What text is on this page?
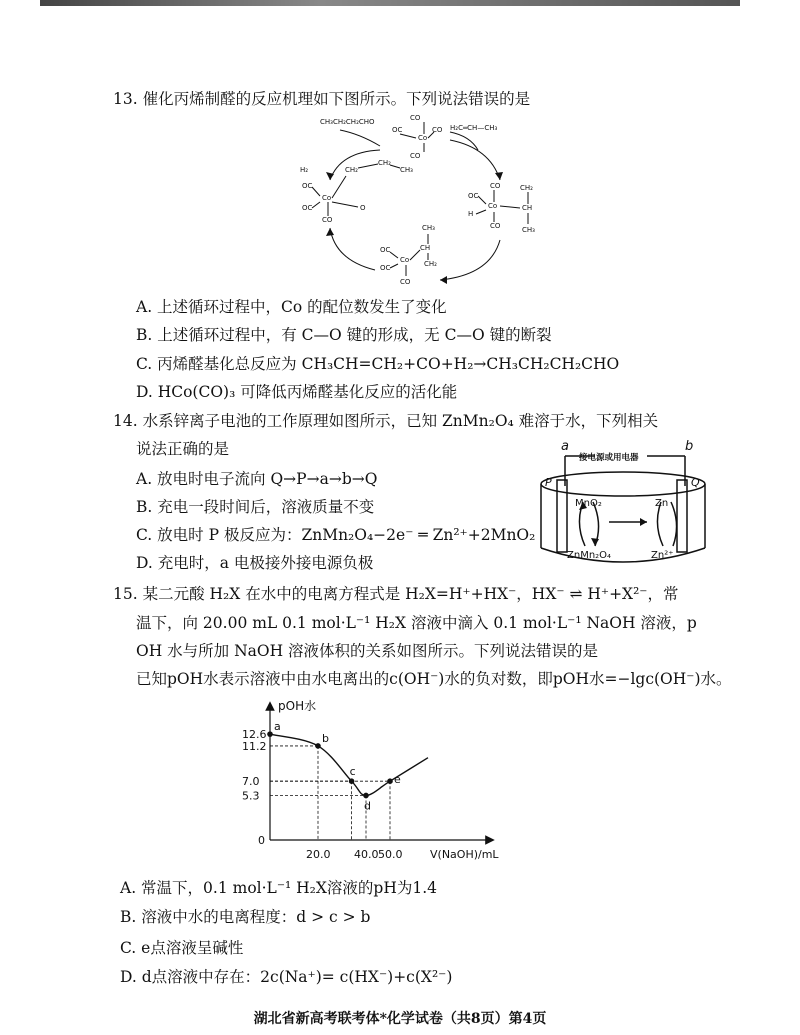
13. 催化丙烯制醛的反应机理如下图所示。下列说法错误的是
CH₃CH₂CH₂CHO
H₂C═CH—CH₃
OC
CO
Co
CO
CO
H₂	CH₂
CH₂
CH₃
OC
OC
Co
CO
O
OC
CO
H
Co
CO
CH₂
CH
CH₃
OC
OC
Co
CO
CH₃
CH
CH₂
A. 上述循环过程中，Co 的配位数发生了变化
B. 上述循环过程中，有 C—O 键的形成，无 C—O 键的断裂
C. 丙烯醛基化总反应为 CH₃CH=CH₂+CO+H₂→CH₃CH₂CH₂CHO
D. HCo(CO)₃ 可降低丙烯醛基化反应的活化能
14. 水系锌离子电池的工作原理如图所示，已知 ZnMn₂O₄ 难溶于水，下列相关
说法正确的是
A. 放电时电子流向 Q→P→a→b→Q
B. 充电一段时间后，溶液质量不变
C. 放电时 P 极反应为：ZnMn₂O₄−2e⁻ ═ Zn²⁺+2MnO₂
D. 充电时，a 电极接外接电源负极
a	b
接电源或用电器
P	Q
MnO₂	Zn
ZnMn₂O₄	Zn²⁺
15. 某二元酸 H₂X 在水中的电离方程式是 H₂X=H⁺+HX⁻，HX⁻ ⇌ H⁺+X²⁻，常
温下，向 20.00 mL 0.1 mol·L⁻¹ H₂X 溶液中滴入 0.1 mol·L⁻¹ NaOH 溶液，p
OH 水与所加 NaOH 溶液体积的关系如图所示。下列说法错误的是
已知pOH水表示溶液中由水电离出的c(OH⁻)水的负对数，即pOH水=−lgc(OH⁻)水。
pOH水
V(NaOH)/mL
0
12.6
11.2
7.0
5.3
20.0 40.0 50.0
a
b
c
d
e
A. 常温下，0.1 mol·L⁻¹ H₂X溶液的pH为1.4
B. 溶液中水的电离程度：d > c > b
C. e点溶液呈碱性
D. d点溶液中存在：2c(Na⁺)= c(HX⁻)+c(X²⁻)
湖北省新高考联考体*化学试卷（共8页）第4页
